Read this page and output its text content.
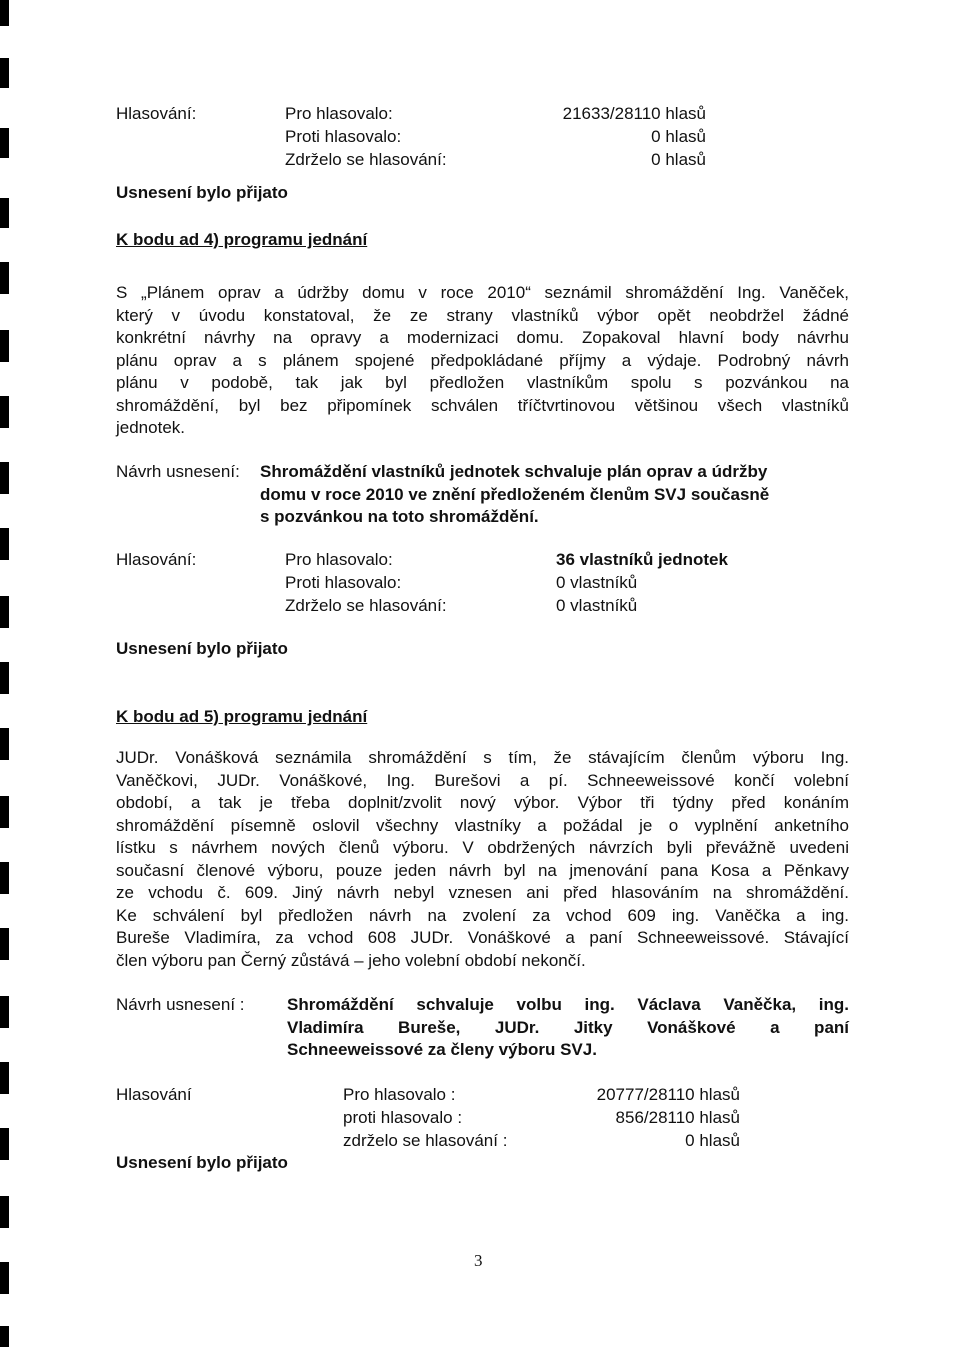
Hlasování:	Pro hlasovalo:	21633/28110 hlasů
Proti hlasovalo:	0 hlasů
Zdrželo se hlasování:	0 hlasů
Usnesení bylo přijato
K bodu ad 4) programu jednání
S „Plánem oprav a údržby domu v roce 2010“ seznámil shromáždění Ing. Vaněček,
který v úvodu konstatoval, že ze strany vlastníků výbor opět neobdržel žádné
konkrétní návrhy na opravy a modernizaci domu. Zopakoval hlavní body návrhu
plánu oprav a s plánem spojené předpokládané příjmy a výdaje. Podrobný návrh
plánu v podobě, tak jak byl předložen vlastníkům spolu s pozvánkou na
shromáždění, byl bez připomínek schválen tříčtvrtinovou většinou všech vlastníků
jednotek.
Návrh usnesení: Shromáždění vlastníků jednotek schvaluje plán oprav a údržby
domu v roce 2010 ve znění předloženém členům SVJ současně
s pozvánkou na toto shromáždění.
Hlasování:	Pro hlasovalo:	36 vlastníků jednotek
Proti hlasovalo:	0 vlastníků
Zdrželo se hlasování:	0 vlastníků
Usnesení bylo přijato
K bodu ad 5) programu jednání
JUDr. Vonášková seznámila shromáždění s tím, že stávajícím členům výboru Ing.
Vaněčkovi, JUDr. Vonáškové, Ing. Burešovi a pí. Schneeweissové končí volební
období, a tak je třeba doplnit/zvolit nový výbor. Výbor tři týdny před konáním
shromáždění písemně oslovil všechny vlastníky a požádal je o vyplnění anketního
lístku s návrhem nových členů výboru. V obdržených návrzích byli převážně uvedeni
současní členové výboru, pouze jeden návrh byl na jmenování pana Kosa a Pěnkavy
ze vchodu č. 609. Jiný návrh nebyl vznesen ani před hlasováním na shromáždění.
Ke schválení byl předložen návrh na zvolení za vchod 609 ing. Vaněčka a ing.
Bureše Vladimíra, za vchod 608 JUDr. Vonáškové a paní Schneeweissové. Stávající
člen výboru pan Černý zůstává – jeho volební období nekončí.
Návrh usnesení : Shromáždění schvaluje volbu ing. Václava Vaněčka, ing.
Vladimíra Bureše, JUDr. Jitky Vonáškové a paní
Schneeweissové za členy výboru SVJ.
Hlasování	Pro hlasovalo :	20777/28110 hlasů
proti hlasovalo :	856/28110 hlasů
zdrželo se hlasování :	0 hlasů
Usnesení bylo přijato
3
